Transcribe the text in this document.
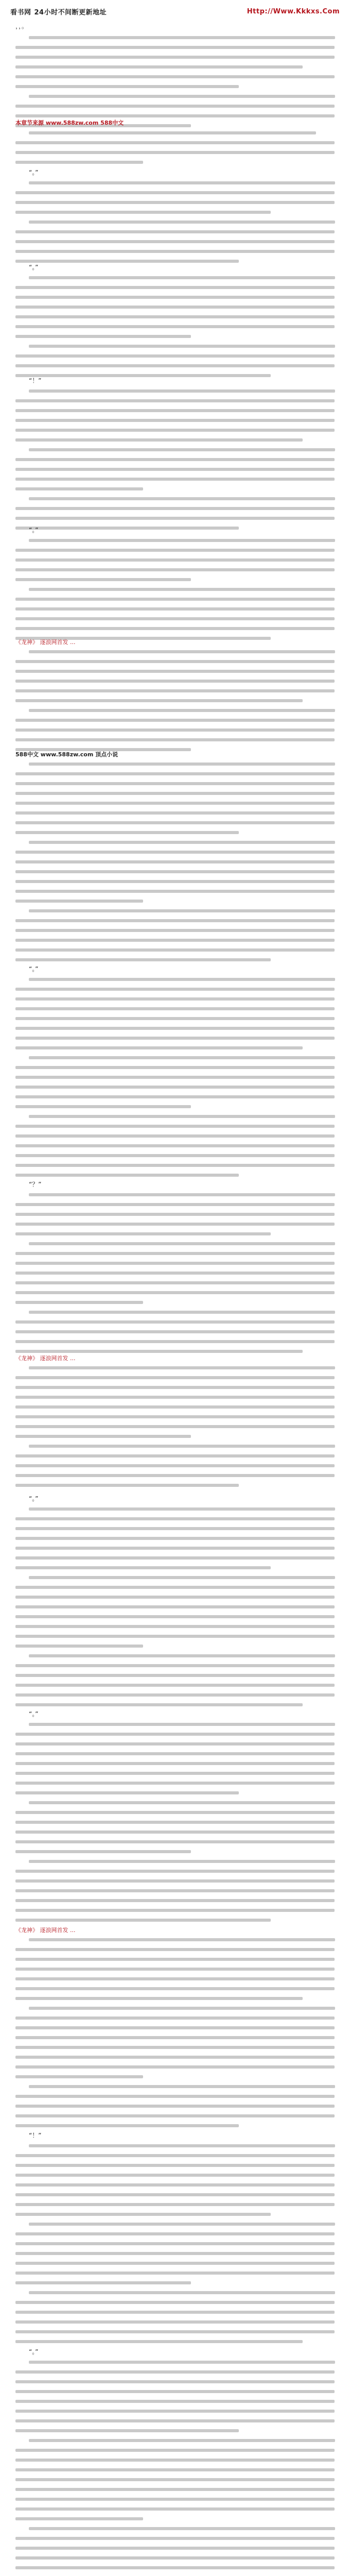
看书网 24小时不间断更新地址	Http://Www.Kkkxs.Com
，，。
本章节来源 www.588zw.com 588中文
“。”
“。”
“！”
“。”
《龙神》 逐浪网首发 ...
588中文 www.588zw.com 顶点小说
“。”
“？”
《龙神》 逐浪网首发 ...
“。”
“。”
《龙神》 逐浪网首发 ...
“！”
“。”
